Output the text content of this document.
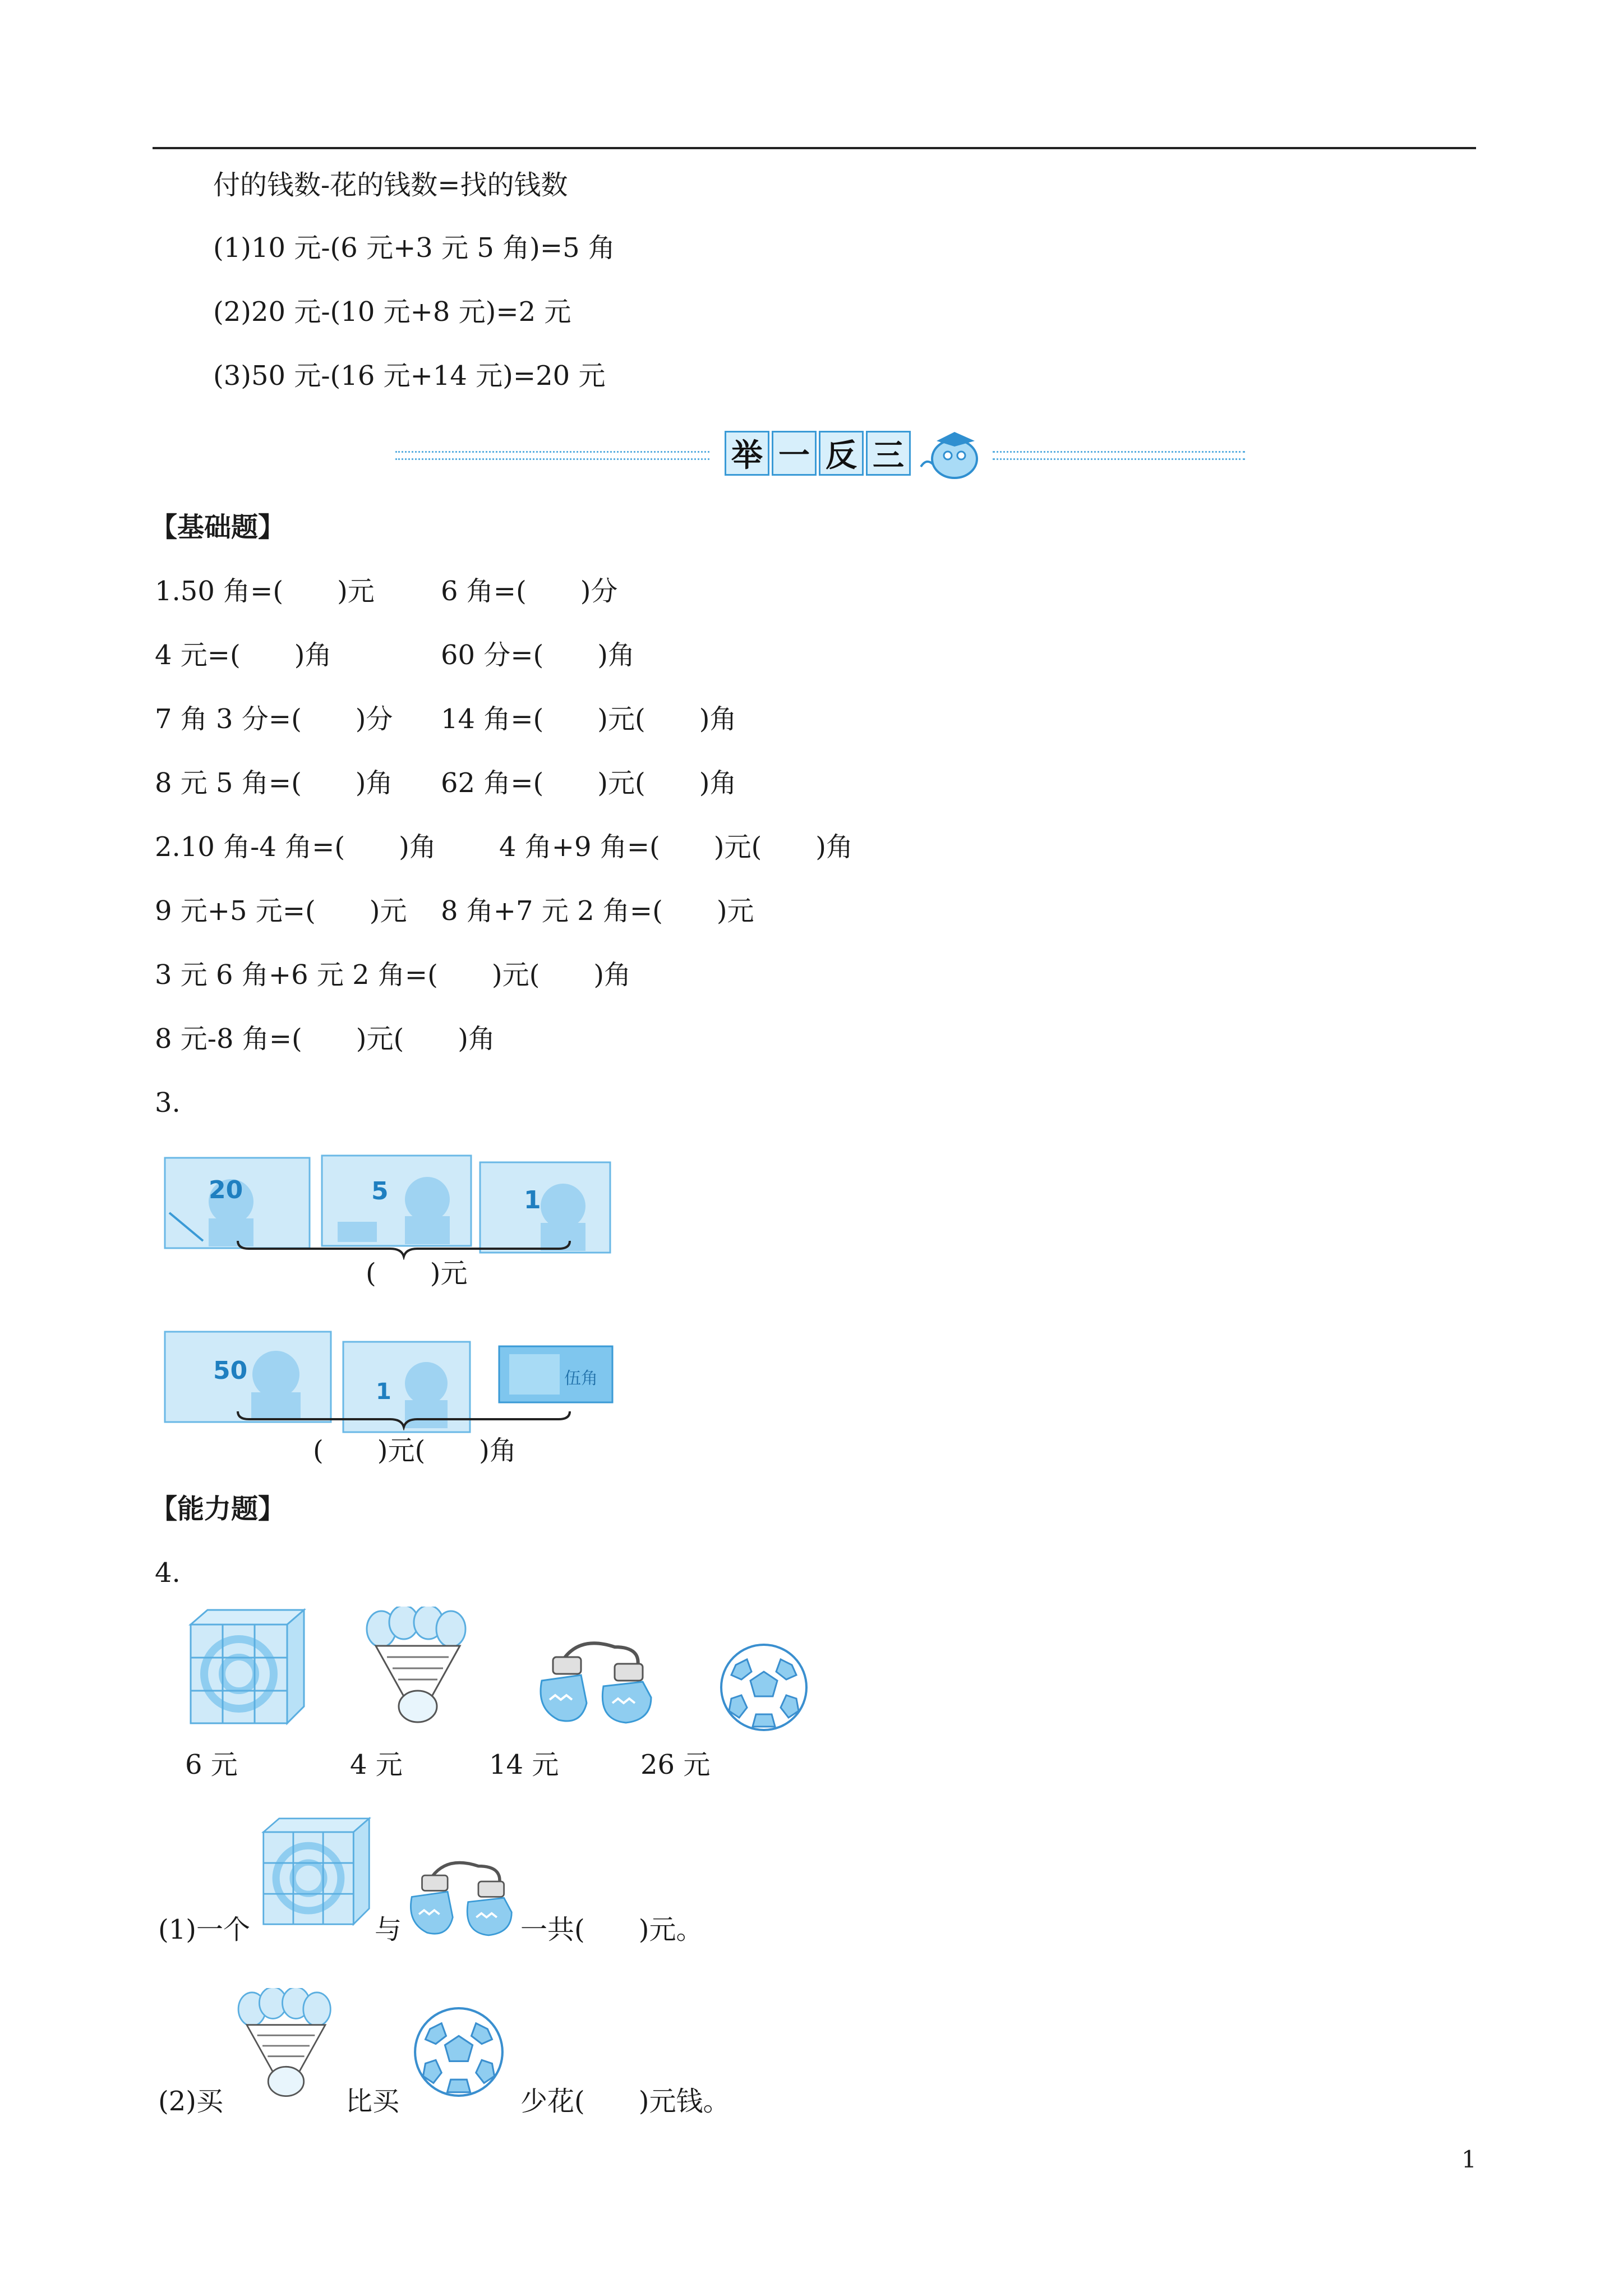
付的钱数-花的钱数=找的钱数
(1)10 元-(6 元+3 元 5 角)=5 角
(2)20 元-(10 元+8 元)=2 元
(3)50 元-(16 元+14 元)=20 元
举 一 反 三
【基础题】
1.50 角=(　　)元 6 角=(　　)分
4 元=(　　)角	60 分=(　　)角
7 角 3 分=(　　)分 14 角=(　　)元(　　)角
8 元 5 角=(　　)角 62 角=(　　)元(　　)角
2.10 角-4 角=(　　)角 4 角+9 角=(　　)元(　　)角
9 元+5 元=(　　)元 8 角+7 元 2 角=(　　)元
3 元 6 角+6 元 2 角=(　　)元(　　)角
8 元-8 角=(　　)元(　　)角
3.
20	5	1
(　　)元
50
1
伍角
(　　)元(　　)角
【能力题】
4.
6 元	4 元	14 元	26 元
(1)一个	与	一共(　　)元。
(2)买	比买	少花(　　)元钱。
1
